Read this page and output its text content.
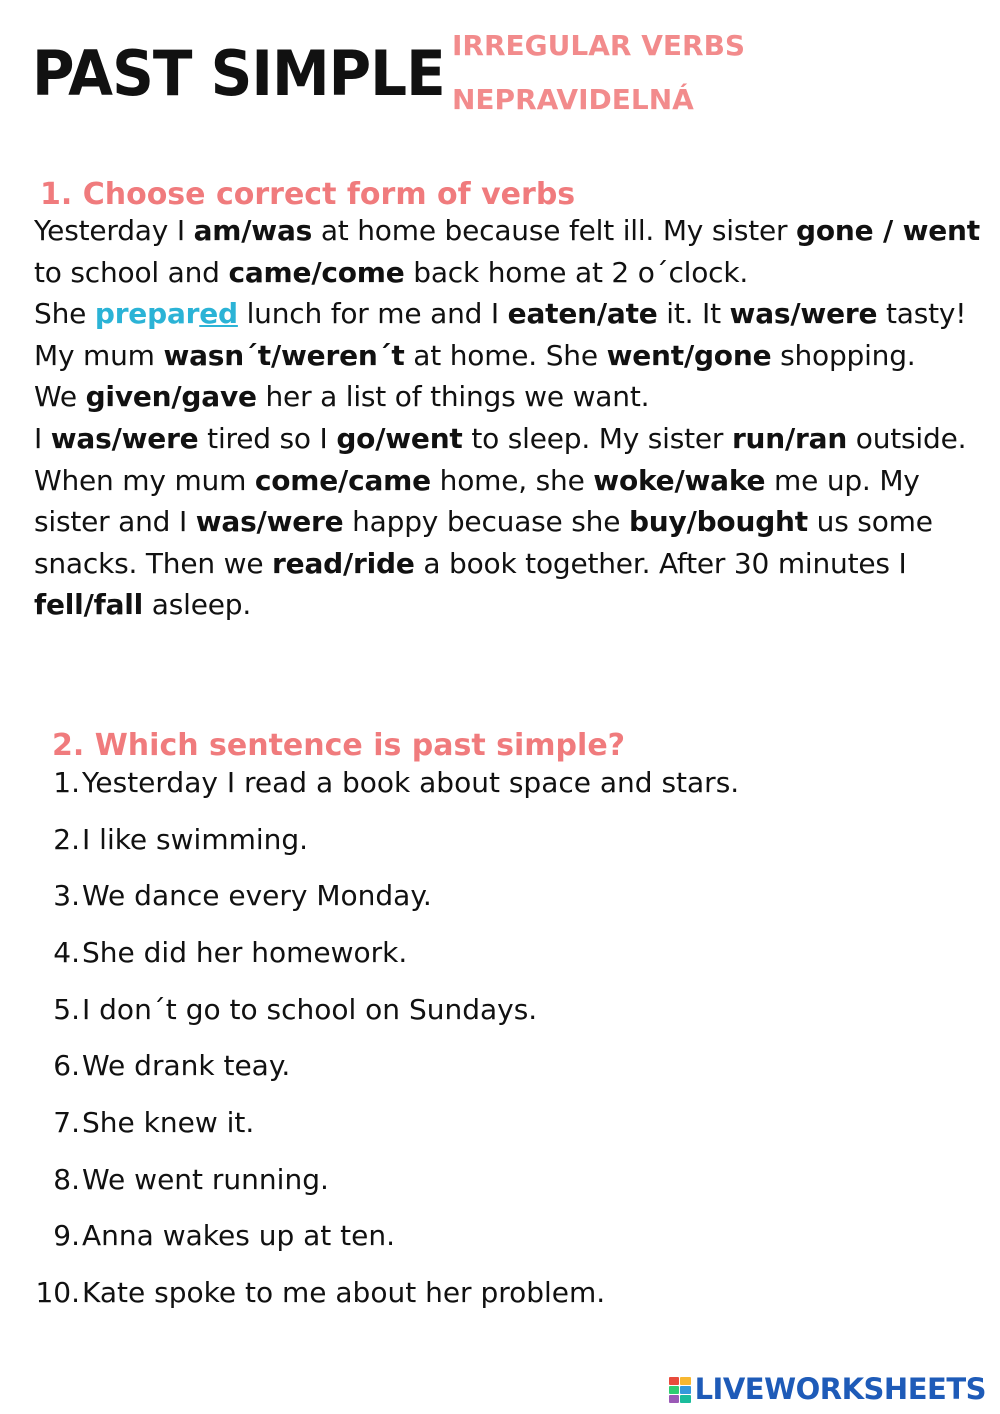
PAST SIMPLE IRREGULAR VERBS
NEPRAVIDELNÁ
1. Choose correct form of verbs

Yesterday I am/was at home because felt ill. My sister gone / went to school and came/come back home at 2 o´clock.

She prepared lunch for me and I eaten/ate it. It was/were tasty!

My mum wasn´t/weren´t at home. She went/gone shopping.

We given/gave her a list of things we want.

I was/were tired so I go/went to sleep. My sister run/ran outside.

When my mum come/came home, she woke/wake me up. My sister and I was/were happy becuase she buy/bought us some snacks. Then we read/ride a book together. After 30 minutes I fell/fall asleep.

2. Which sentence is past simple?
1.Yesterday I read a book about space and stars.
2.I like swimming.
3.We dance every Monday.
4.She did her homework.
5.I don´t go to school on Sundays.
6.We drank teay.
7.She knew it.
8.We went running.
9.Anna wakes up at ten.
10.Kate spoke to me about her problem.
LIVEWORKSHEETS
